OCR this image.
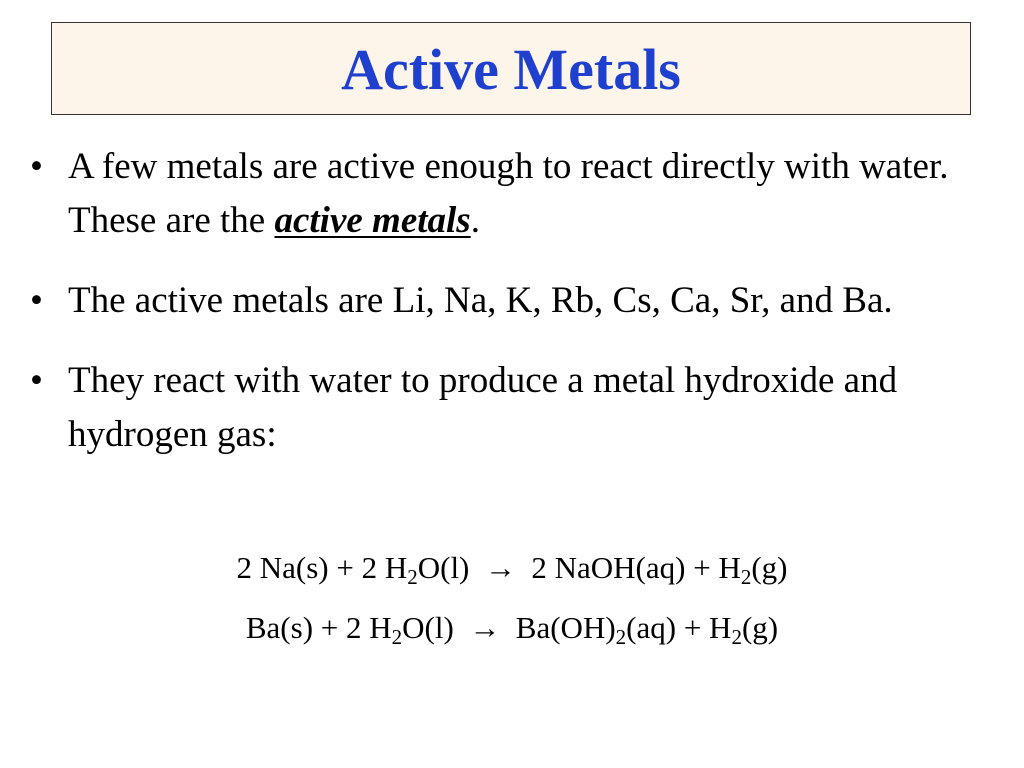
Active Metals
• A few metals are active enough to react directly with water. These are the active metals.
• The active metals are Li, Na, K, Rb, Cs, Ca, Sr, and Ba.
• They react with water to produce a metal hydroxide and hydrogen gas:
2 Na(s) + 2 $H_2O(l) \to 2$ NaOH(aq) + $H_2(g)$
Ba(s) + 2 $H_2O(l) \to Ba(OH)_2(aq) + H_2(g)$
